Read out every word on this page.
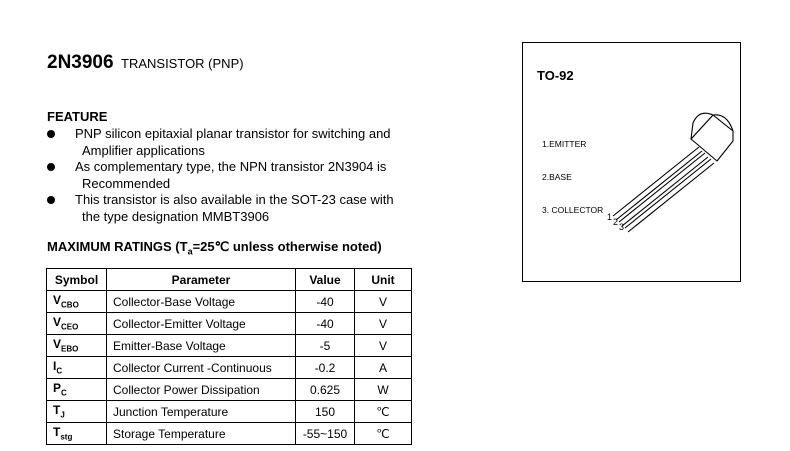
2N3906 TRANSISTOR (PNP)
FEATURE
PNP silicon epitaxial planar transistor for switching and
Amplifier applications
As complementary type, the NPN transistor 2N3904 is
Recommended
This transistor is also available in the SOT-23 case with
the type designation MMBT3906
MAXIMUM RATINGS ($T_a=25℃$ unless otherwise noted)
Symbol	Parameter	Value	Unit
$V_{CBO}$	Collector-Base Voltage	-40	V
$V_{CEO}$	Collector-Emitter Voltage	-40	V
$V_{EBO}$	Emitter-Base Voltage	-5	V
$I_C$	Collector Current -Continuous	-0.2	A
$P_C$	Collector Power Dissipation	0.625	W
$T_J$	Junction Temperature	150	℃
$T_{stg}$	Storage Temperature	-55~150	℃
TO-92
1.EMITTER
2.BASE
3. COLLECTOR
1 2 3
